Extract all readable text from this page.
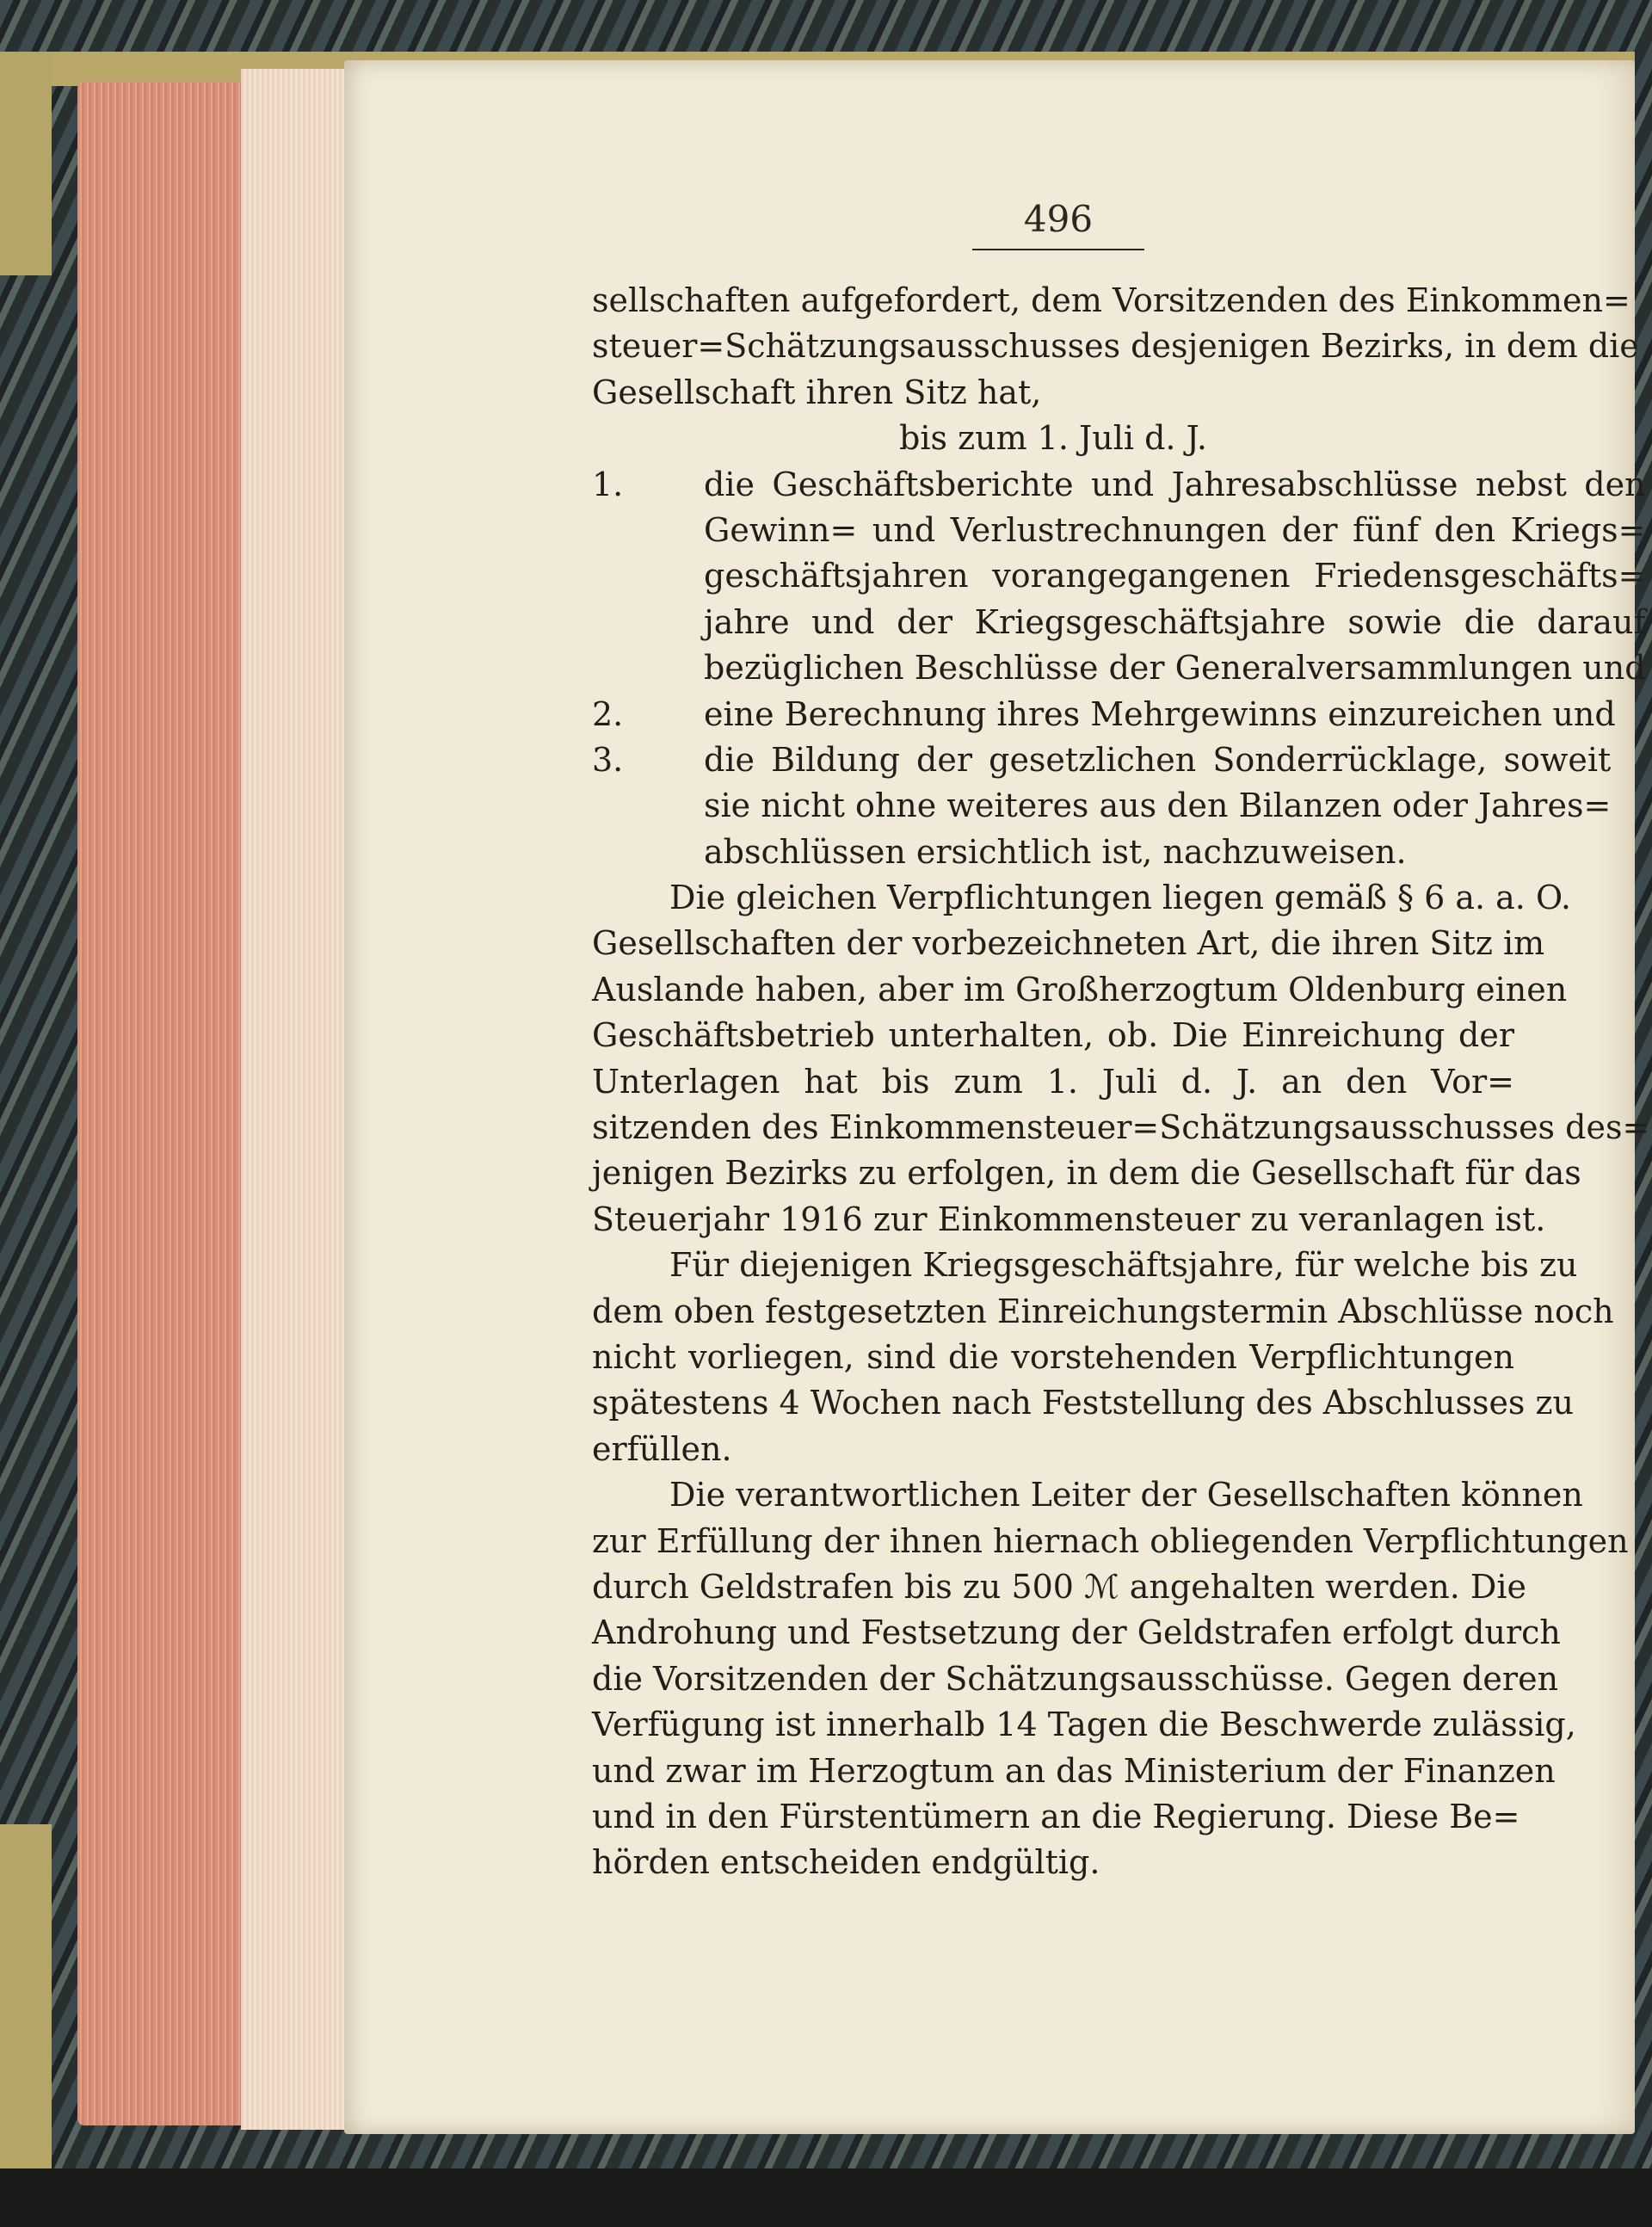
496
sellschaften aufgefordert, dem Vorsitzenden des Einkommen=
steuer=Schätzungsausschusses desjenigen Bezirks, in dem die
Gesellschaft ihren Sitz hat,
bis zum 1. Juli d. J.
1.	die Geschäftsberichte und Jahresabschlüsse nebst den
Gewinn= und Verlustrechnungen der fünf den Kriegs=
geschäftsjahren vorangegangenen Friedensgeschäfts=
jahre und der Kriegsgeschäftsjahre sowie die darauf
bezüglichen Beschlüsse der Generalversammlungen und
2.	eine Berechnung ihres Mehrgewinns einzureichen und
3.	die Bildung der gesetzlichen Sonderrücklage, soweit
sie nicht ohne weiteres aus den Bilanzen oder Jahres=
abschlüssen ersichtlich ist, nachzuweisen.
Die gleichen Verpflichtungen liegen gemäß § 6 a. a. O.
Gesellschaften der vorbezeichneten Art, die ihren Sitz im
Auslande haben, aber im Großherzogtum Oldenburg einen
Geschäftsbetrieb unterhalten, ob. Die Einreichung der
Unterlagen hat bis zum 1. Juli d. J. an den Vor=
sitzenden des Einkommensteuer=Schätzungsausschusses des=
jenigen Bezirks zu erfolgen, in dem die Gesellschaft für das
Steuerjahr 1916 zur Einkommensteuer zu veranlagen ist.
Für diejenigen Kriegsgeschäftsjahre, für welche bis zu
dem oben festgesetzten Einreichungstermin Abschlüsse noch
nicht vorliegen, sind die vorstehenden Verpflichtungen
spätestens 4 Wochen nach Feststellung des Abschlusses zu
erfüllen.
Die verantwortlichen Leiter der Gesellschaften können
zur Erfüllung der ihnen hiernach obliegenden Verpflichtungen
durch Geldstrafen bis zu 500 ℳ angehalten werden. Die
Androhung und Festsetzung der Geldstrafen erfolgt durch
die Vorsitzenden der Schätzungsausschüsse. Gegen deren
Verfügung ist innerhalb 14 Tagen die Beschwerde zulässig,
und zwar im Herzogtum an das Ministerium der Finanzen
und in den Fürstentümern an die Regierung. Diese Be=
hörden entscheiden endgültig.
